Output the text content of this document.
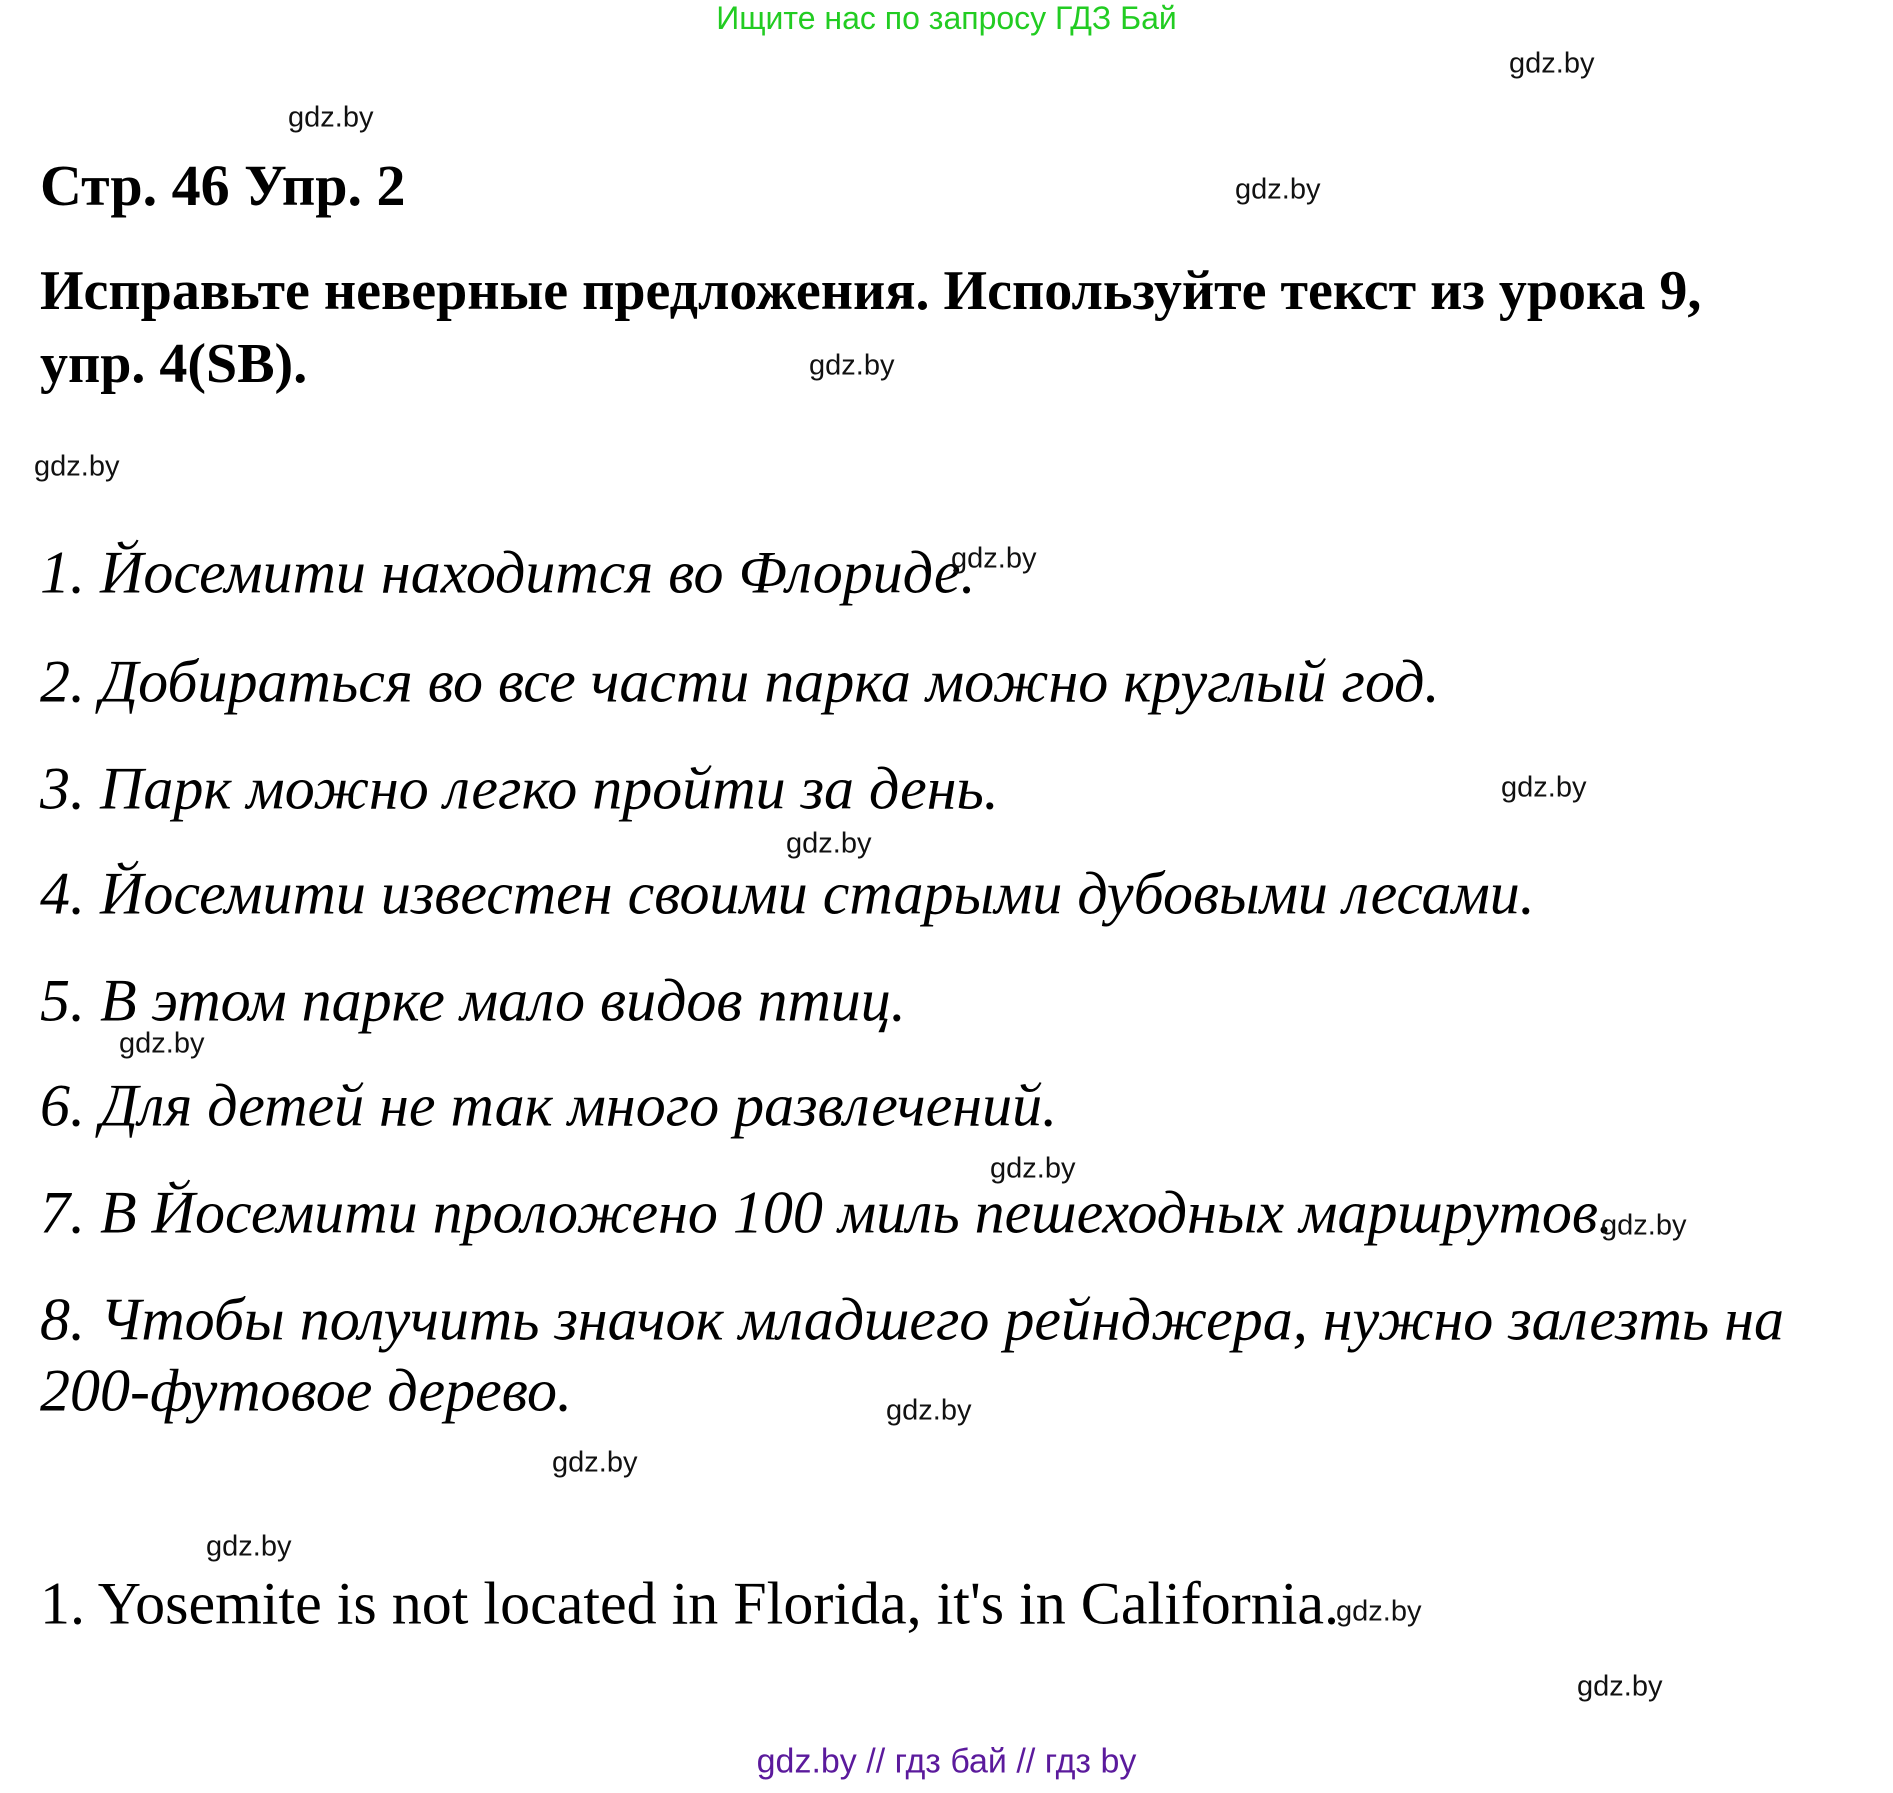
Ищите нас по запросу ГДЗ Бай
Стр. 46 Упр. 2
Исправьте неверные предложения. Используйте текст из урока 9,
упр. 4(SB).
1. Йосемити находится во Флориде.
2. Добираться во все части парка можно круглый год.
3. Парк можно легко пройти за день.
4. Йосемити известен своими старыми дубовыми лесами.
5. В этом парке мало видов птиц.
6. Для детей не так много развлечений.
7. В Йосемити проложено 100 миль пешеходных маршрутов.
8. Чтобы получить значок младшего рейнджера, нужно залезть на
200-футовое дерево.
1. Yosemite is not located in Florida, it's in California.
gdz.by
gdz.by
gdz.by
gdz.by
gdz.by
gdz.by
gdz.by
gdz.by
gdz.by
gdz.by
gdz.by
gdz.by
gdz.by
gdz.by
gdz.by
gdz.by
gdz.by // гдз бай // гдз by
